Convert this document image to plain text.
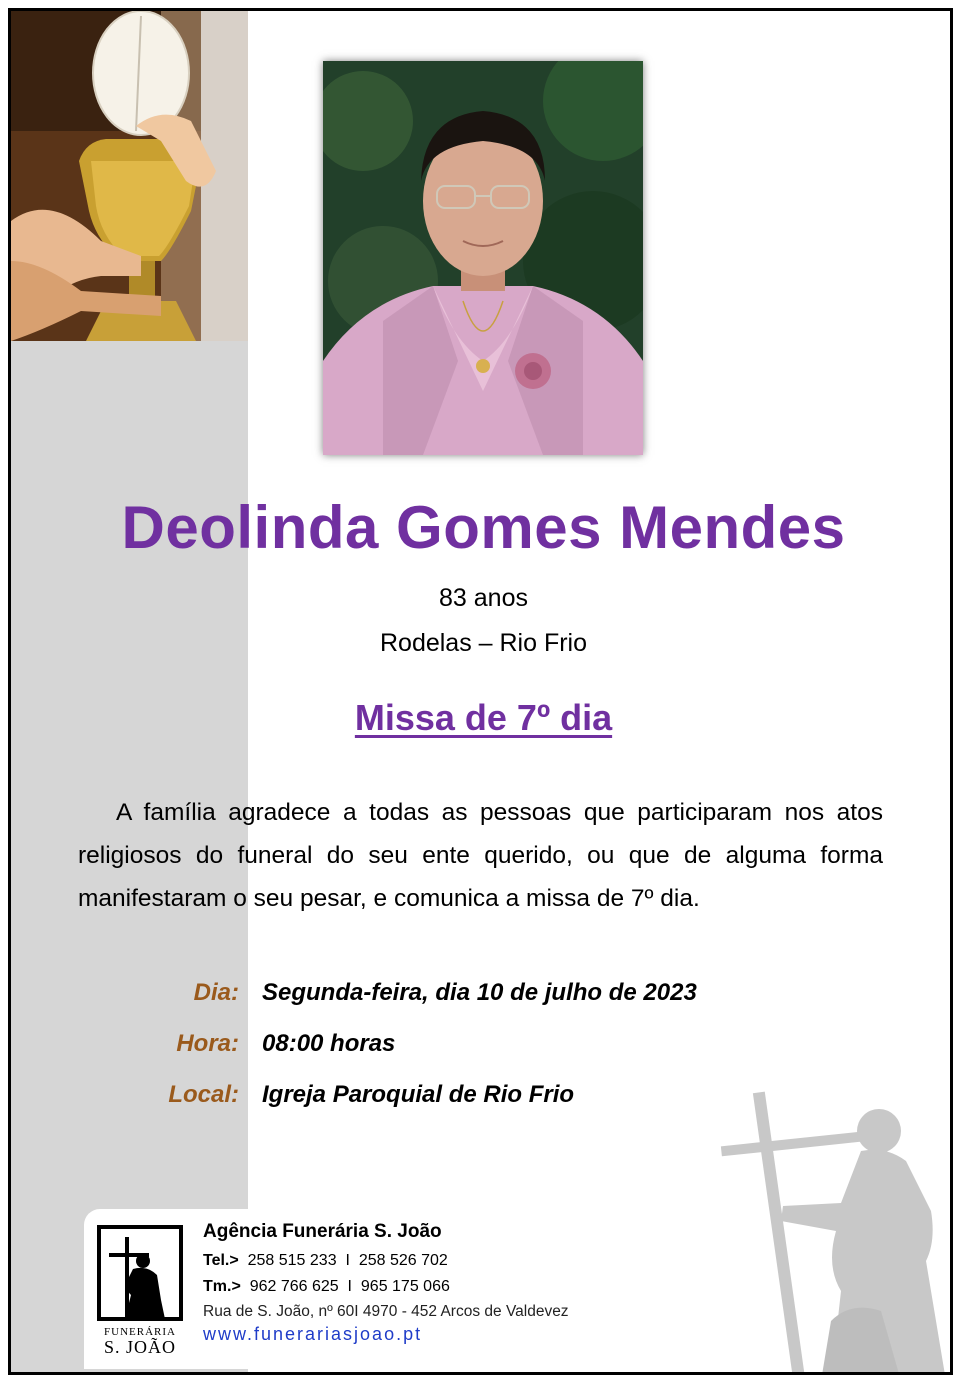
Deolinda Gomes Mendes
83 anos
Rodelas – Rio Frio
Missa de 7º dia
A família agradece a todas as pessoas que participaram nos atos religiosos do funeral do seu ente querido, ou que de alguma forma manifestaram o seu pesar, e comunica a missa de 7º dia.
Dia: Segunda-feira, dia 10 de julho de 2023
Hora: 08:00 horas
Local: Igreja Paroquial de Rio Frio
FUNERÁRIA
S. JOÃO
Agência Funerária S. João
Tel.> 258 515 233  I  258 526 702
Tm.> 962 766 625  I  965 175 066
Rua de S. João, nº 60I 4970 - 452 Arcos de Valdevez
www.funerariasjoao.pt
